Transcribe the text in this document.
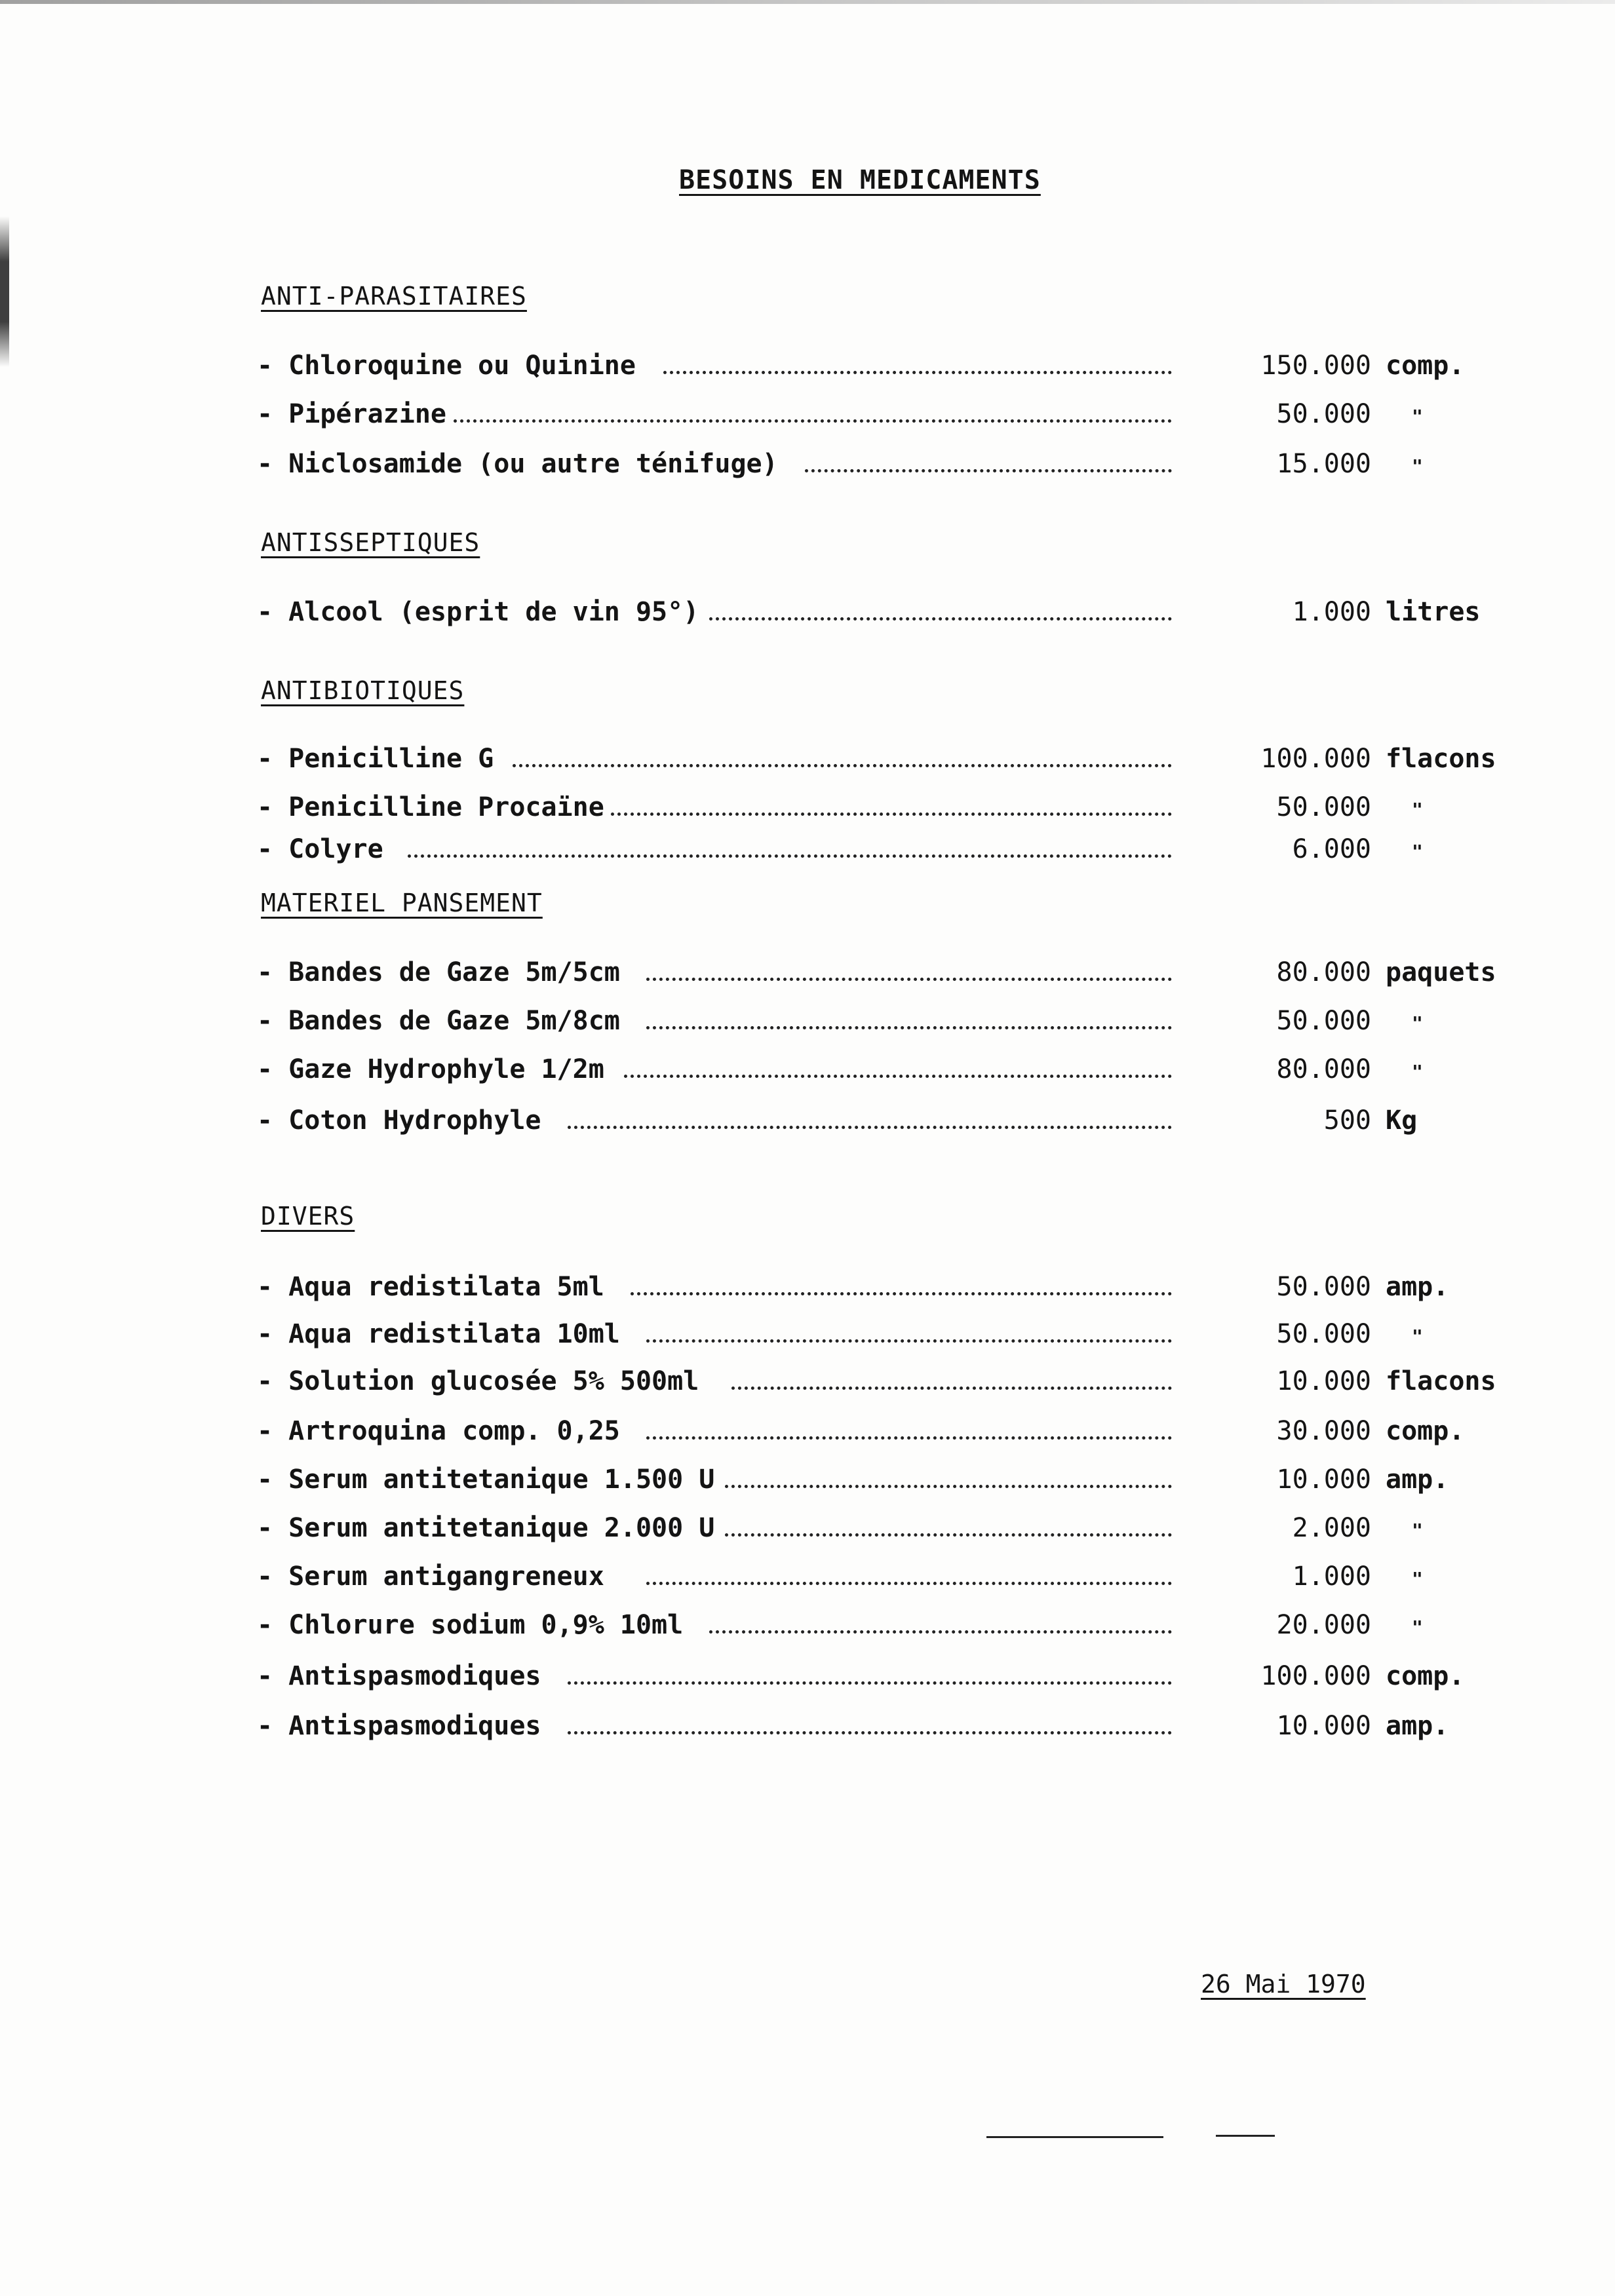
BESOINS EN MEDICAMENTS
ANTI-PARASITAIRES
- Chloroquine ou Quinine	150.000 comp.
- Pipérazine	50.000 "
- Niclosamide (ou autre ténifuge)	15.000 "
ANTISSEPTIQUES
- Alcool (esprit de vin 95°)	1.000 litres
ANTIBIOTIQUES
- Penicilline G	100.000 flacons
- Penicilline Procaïne	50.000 "
- Colyre	6.000 "
MATERIEL PANSEMENT
- Bandes de Gaze 5m/5cm	80.000 paquets
- Bandes de Gaze 5m/8cm	50.000 "
- Gaze Hydrophyle 1/2m	80.000 "
- Coton Hydrophyle	500 Kg
DIVERS
- Aqua redistilata 5ml	50.000 amp.
- Aqua redistilata 10ml	50.000 "
- Solution glucosée 5% 500ml	10.000 flacons
- Artroquina comp. 0,25	30.000 comp.
- Serum antitetanique 1.500 U	10.000 amp.
- Serum antitetanique 2.000 U	2.000 "
- Serum antigangreneux	1.000 "
- Chlorure sodium 0,9% 10ml	20.000 "
- Antispasmodiques	100.000 comp.
- Antispasmodiques	10.000 amp.
26 Mai 1970
